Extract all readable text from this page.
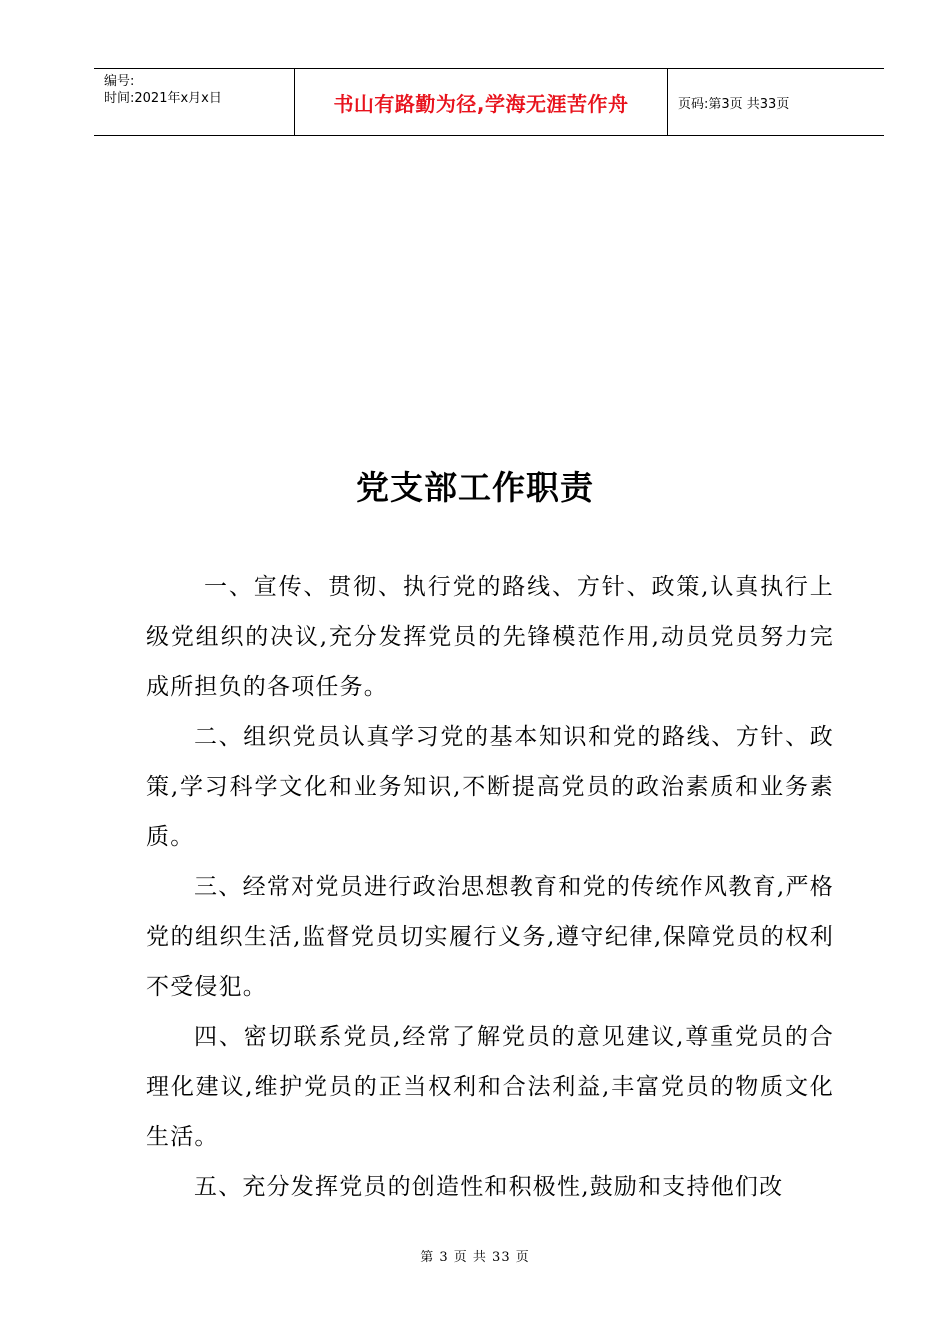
编号:
时间:2021年x月x日	书山有路勤为径,学海无涯苦作舟	页码:第3页 共33页
党支部工作职责

一、宣传、贯彻、执行党的路线、方针、政策,认真执行上级党组织的决议,充分发挥党员的先锋模范作用,动员党员努力完成所担负的各项任务。

二、组织党员认真学习党的基本知识和党的路线、方针、政策,学习科学文化和业务知识,不断提高党员的政治素质和业务素质。

三、经常对党员进行政治思想教育和党的传统作风教育,严格党的组织生活,监督党员切实履行义务,遵守纪律,保障党员的权利不受侵犯。

四、密切联系党员,经常了解党员的意见建议,尊重党员的合理化建议,维护党员的正当权利和合法利益,丰富党员的物质文化生活。

五、充分发挥党员的创造性和积极性,鼓励和支持他们改

第 3 页 共 33 页
